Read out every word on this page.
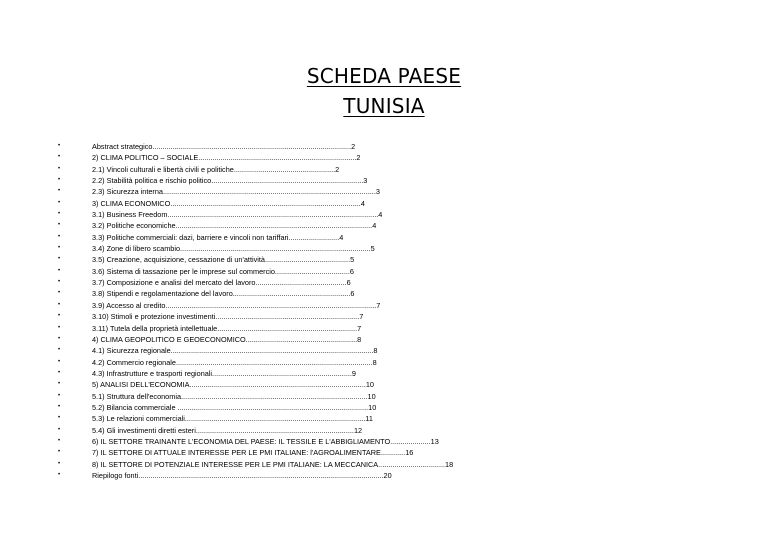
SCHEDA PAESE
TUNISIA
•	Abstract strategico..................................................................................................2
•	2) CLIMA POLITICO – SOCIALE..............................................................................2
•	2.1) Vincoli culturali e libertà civili e politiche..................................................2
•	2.2) Stabilità politica e rischio politico...........................................................................3
•	2.3) Sicurezza interna.........................................................................................................3
•	3) CLIMA ECONOMICO..............................................................................................4
•	3.1) Business Freedom........................................................................................................4
•	3.2) Politiche economiche.................................................................................................4
•	3.3) Politiche commerciali: dazi, barriere e vincoli non tariffari.........................4
•	3.4) Zone di libero scambio..............................................................................................5
•	3.5) Creazione, acquisizione, cessazione di un'attività..........................................5
•	3.6) Sistema di tassazione per le imprese sul commercio.....................................6
•	3.7) Composizione e analisi del mercato del lavoro.............................................6
•	3.8) Stipendi e regolamentazione del lavoro..........................................................6
•	3.9) Accesso al credito........................................................................................................7
•	3.10) Stimoli e protezione investimenti.......................................................................7
•	3.11) Tutela della proprietà intellettuale.....................................................................7
•	4) CLIMA GEOPOLITICO E GEOECONOMICO.......................................................8
•	4.1) Sicurezza regionale....................................................................................................8
•	4.2) Commercio regionale.................................................................................................8
•	4.3) Infrastrutture e trasporti regionali.....................................................................9
•	5) ANALISI DELL'ECONOMIA.......................................................................................10
•	5.1) Struttura dell'economia............................................................................................10
•	5.2) Bilancia commerciale ..............................................................................................10
•	5.3) Le relazioni commerciali.........................................................................................11
•	5.4) Gli investimenti diretti esteri..............................................................................12
•	6) IL SETTORE TRAINANTE L'ECONOMIA DEL PAESE: IL TESSILE E L'ABBIGLIAMENTO....................13
•	7) IL SETTORE DI ATTUALE INTERESSE PER LE PMI ITALIANE: l'AGROALIMENTARE............16
•	8) IL SETTORE DI POTENZIALE INTERESSE PER LE PMI ITALIANE: LA MECCANICA.................................18
•	Riepilogo fonti.........................................................................................................................20
